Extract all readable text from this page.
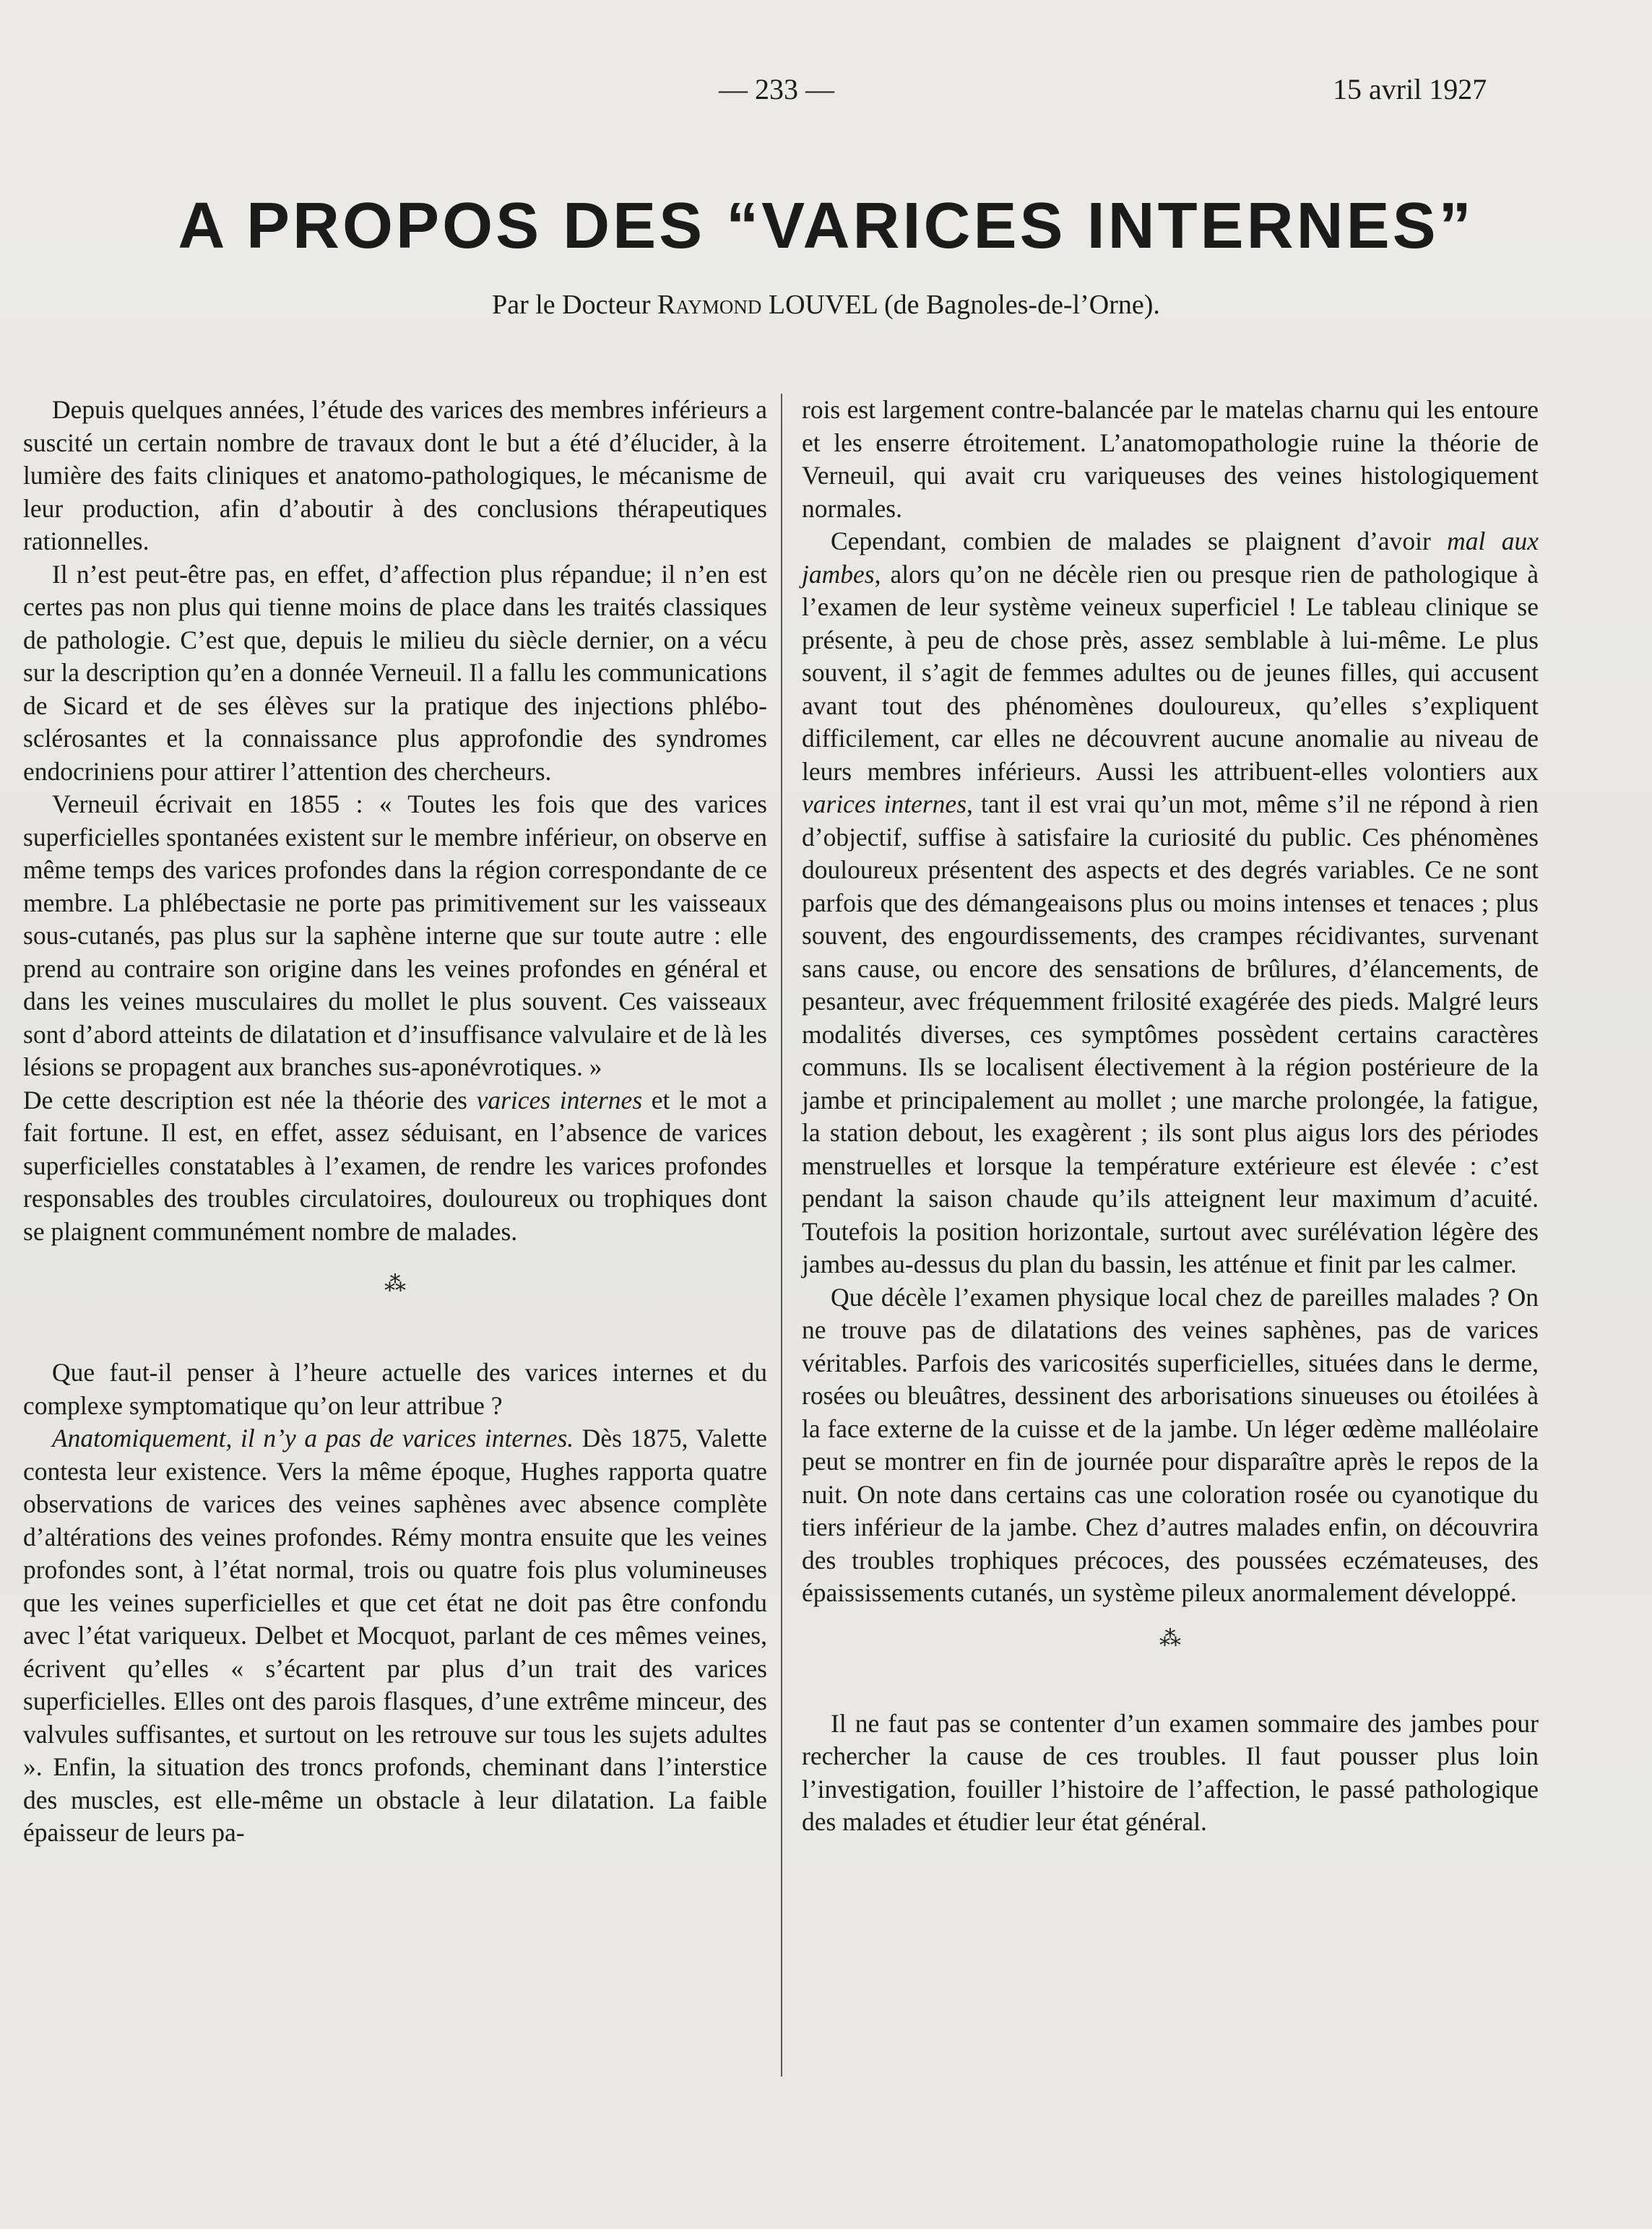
— 233 —	15 avril 1927
A PROPOS DES “VARICES INTERNES”
Par le Docteur Raymond LOUVEL (de Bagnoles-de-l’Orne).

Depuis quelques années, l’étude des varices des membres inférieurs a suscité un certain nombre de travaux dont le but a été d’élucider, à la lumière des faits cliniques et anatomo-pathologiques, le mécanisme de leur production, afin d’aboutir à des conclusions thérapeutiques rationnelles.

Il n’est peut-être pas, en effet, d’affection plus répandue; il n’en est certes pas non plus qui tienne moins de place dans les traités classiques de pathologie. C’est que, depuis le milieu du siècle dernier, on a vécu sur la description qu’en a donnée Verneuil. Il a fallu les communications de Sicard et de ses élèves sur la pratique des injections phlébo-sclérosantes et la connaissance plus approfondie des syndromes endocriniens pour attirer l’attention des chercheurs.

Verneuil écrivait en 1855 : « Toutes les fois que des varices superficielles spontanées existent sur le membre inférieur, on observe en même temps des varices profondes dans la région correspondante de ce membre. La phlébectasie ne porte pas primitivement sur les vaisseaux sous-cutanés, pas plus sur la saphène interne que sur toute autre : elle prend au contraire son origine dans les veines profondes en général et dans les veines musculaires du mollet le plus souvent. Ces vaisseaux sont d’abord atteints de dilatation et d’insuffisance valvulaire et de là les lésions se propagent aux branches sus-aponévrotiques. »

De cette description est née la théorie des varices internes et le mot a fait fortune. Il est, en effet, assez séduisant, en l’absence de varices superficielles constatables à l’examen, de rendre les varices profondes responsables des troubles circulatoires, douloureux ou trophiques dont se plaignent communément nombre de malades.

⁂

Que faut-il penser à l’heure actuelle des varices internes et du complexe symptomatique qu’on leur attribue ?

Anatomiquement, il n’y a pas de varices internes. Dès 1875, Valette contesta leur existence. Vers la même époque, Hughes rapporta quatre observations de varices des veines saphènes avec absence complète d’altérations des veines profondes. Rémy montra ensuite que les veines profondes sont, à l’état normal, trois ou quatre fois plus volumineuses que les veines superficielles et que cet état ne doit pas être confondu avec l’état variqueux. Delbet et Mocquot, parlant de ces mêmes veines, écrivent qu’elles « s’écartent par plus d’un trait des varices superficielles. Elles ont des parois flasques, d’une extrême minceur, des valvules suffisantes, et surtout on les retrouve sur tous les sujets adultes ». Enfin, la situation des troncs profonds, cheminant dans l’interstice des muscles, est elle-même un obstacle à leur dilatation. La faible épaisseur de leurs pa-

rois est largement contre-balancée par le matelas charnu qui les entoure et les enserre étroitement. L’anatomopathologie ruine la théorie de Verneuil, qui avait cru variqueuses des veines histologiquement normales.

Cependant, combien de malades se plaignent d’avoir mal aux jambes, alors qu’on ne décèle rien ou presque rien de pathologique à l’examen de leur système veineux superficiel ! Le tableau clinique se présente, à peu de chose près, assez semblable à lui-même. Le plus souvent, il s’agit de femmes adultes ou de jeunes filles, qui accusent avant tout des phénomènes douloureux, qu’elles s’expliquent difficilement, car elles ne découvrent aucune anomalie au niveau de leurs membres inférieurs. Aussi les attribuent-elles volontiers aux varices internes, tant il est vrai qu’un mot, même s’il ne répond à rien d’objectif, suffise à satisfaire la curiosité du public. Ces phénomènes douloureux présentent des aspects et des degrés variables. Ce ne sont parfois que des démangeaisons plus ou moins intenses et tenaces ; plus souvent, des engourdissements, des crampes récidivantes, survenant sans cause, ou encore des sensations de brûlures, d’élancements, de pesanteur, avec fréquemment frilosité exagérée des pieds. Malgré leurs modalités diverses, ces symptômes possèdent certains caractères communs. Ils se localisent électivement à la région postérieure de la jambe et principalement au mollet ; une marche prolongée, la fatigue, la station debout, les exagèrent ; ils sont plus aigus lors des périodes menstruelles et lorsque la température extérieure est élevée : c’est pendant la saison chaude qu’ils atteignent leur maximum d’acuité. Toutefois la position horizontale, surtout avec surélévation légère des jambes au-dessus du plan du bassin, les atténue et finit par les calmer.

Que décèle l’examen physique local chez de pareilles malades ? On ne trouve pas de dilatations des veines saphènes, pas de varices véritables. Parfois des varicosités superficielles, situées dans le derme, rosées ou bleuâtres, dessinent des arborisations sinueuses ou étoilées à la face externe de la cuisse et de la jambe. Un léger œdème malléolaire peut se montrer en fin de journée pour disparaître après le repos de la nuit. On note dans certains cas une coloration rosée ou cyanotique du tiers inférieur de la jambe. Chez d’autres malades enfin, on découvrira des troubles trophiques précoces, des poussées eczémateuses, des épaississements cutanés, un système pileux anormalement développé.

⁂

Il ne faut pas se contenter d’un examen sommaire des jambes pour rechercher la cause de ces troubles. Il faut pousser plus loin l’investigation, fouiller l’histoire de l’affection, le passé pathologique des malades et étudier leur état général.
